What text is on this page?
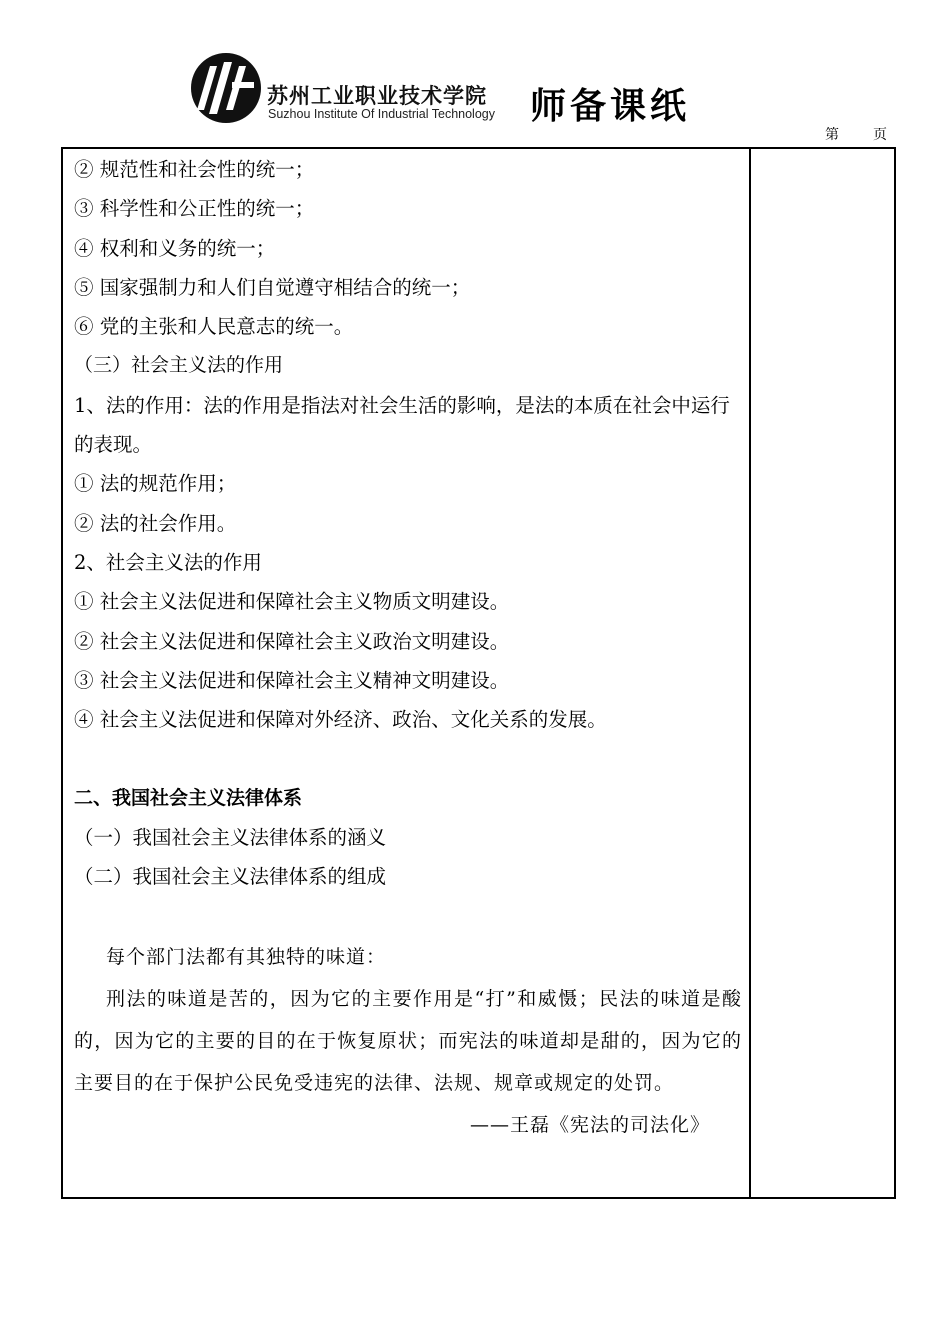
苏州工业职业技术学院
Suzhou Institute Of Industrial Technology 师备课纸
第 页
② 规范性和社会性的统一；
③ 科学性和公正性的统一；
④ 权利和义务的统一；
⑤ 国家强制力和人们自觉遵守相结合的统一；
⑥ 党的主张和人民意志的统一。
（三）社会主义法的作用
1、法的作用：法的作用是指法对社会生活的影响，是法的本质在社会中运行的表现。
① 法的规范作用；
② 法的社会作用。
2、社会主义法的作用
① 社会主义法促进和保障社会主义物质文明建设。
② 社会主义法促进和保障社会主义政治文明建设。
③ 社会主义法促进和保障社会主义精神文明建设。
④ 社会主义法促进和保障对外经济、政治、文化关系的发展。
二、我国社会主义法律体系
（一）我国社会主义法律体系的涵义
（二）我国社会主义法律体系的组成

每个部门法都有其独特的味道：

刑法的味道是苦的，因为它的主要作用是“打”和威慑；民法的味道是酸的，因为它的主要的目的在于恢复原状；而宪法的味道却是甜的，因为它的主要目的在于保护公民免受违宪的法律、法规、规章或规定的处罚。

——王磊《宪法的司法化》
